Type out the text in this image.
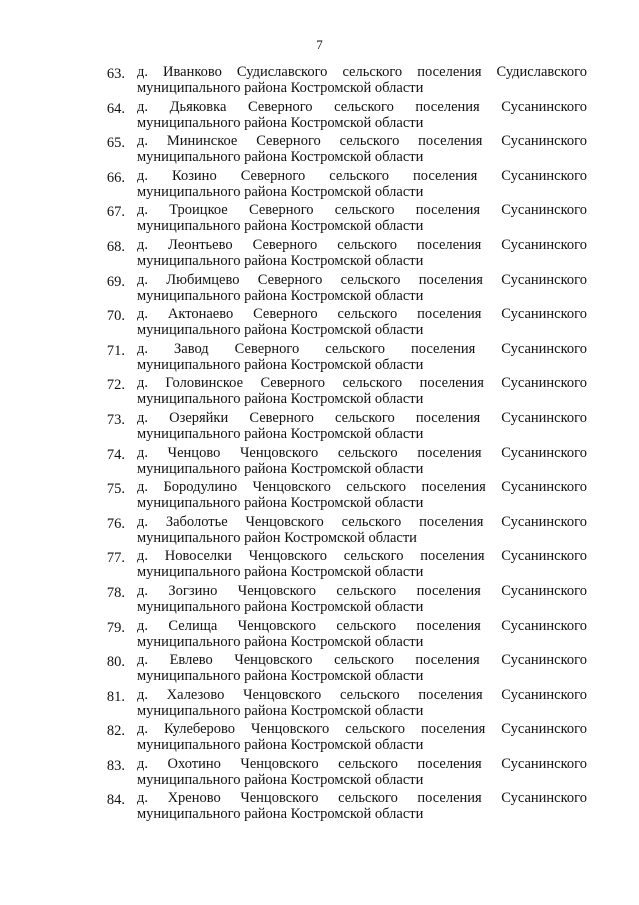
7
63. д. Иванково Судиславского сельского поселения Судиславского
муниципального района Костромской области
64. д. Дьяковка Северного сельского поселения Сусанинского
муниципального района Костромской области
65. д. Мининское Северного сельского поселения Сусанинского
муниципального района Костромской области
66. д. Козино Северного сельского поселения Сусанинского
муниципального района Костромской области
67. д. Троицкое Северного сельского поселения Сусанинского
муниципального района Костромской области
68. д. Леонтьево Северного сельского поселения Сусанинского
муниципального района Костромской области
69. д. Любимцево Северного сельского поселения Сусанинского
муниципального района Костромской области
70. д. Актонаево Северного сельского поселения Сусанинского
муниципального района Костромской области
71. д. Завод Северного сельского поселения Сусанинского
муниципального района Костромской области
72. д. Головинское Северного сельского поселения Сусанинского
муниципального района Костромской области
73. д. Озеряйки Северного сельского поселения Сусанинского
муниципального района Костромской области
74. д. Ченцово Ченцовского сельского поселения Сусанинского
муниципального района Костромской области
75. д. Бородулино Ченцовского сельского поселения Сусанинского
муниципального района Костромской области
76. д. Заболотье Ченцовского сельского поселения Сусанинского
муниципального район Костромской области
77. д. Новоселки Ченцовского сельского поселения Сусанинского
муниципального района Костромской области
78. д. Зогзино Ченцовского сельского поселения Сусанинского
муниципального района Костромской области
79. д. Селища Ченцовского сельского поселения Сусанинского
муниципального района Костромской области
80. д. Евлево Ченцовского сельского поселения Сусанинского
муниципального района Костромской области
81. д. Халезово Ченцовского сельского поселения Сусанинского
муниципального района Костромской области
82. д. Кулеберово Ченцовского сельского поселения Сусанинского
муниципального района Костромской области
83. д. Охотино Ченцовского сельского поселения Сусанинского
муниципального района Костромской области
84. д. Хреново Ченцовского сельского поселения Сусанинского
муниципального района Костромской области
